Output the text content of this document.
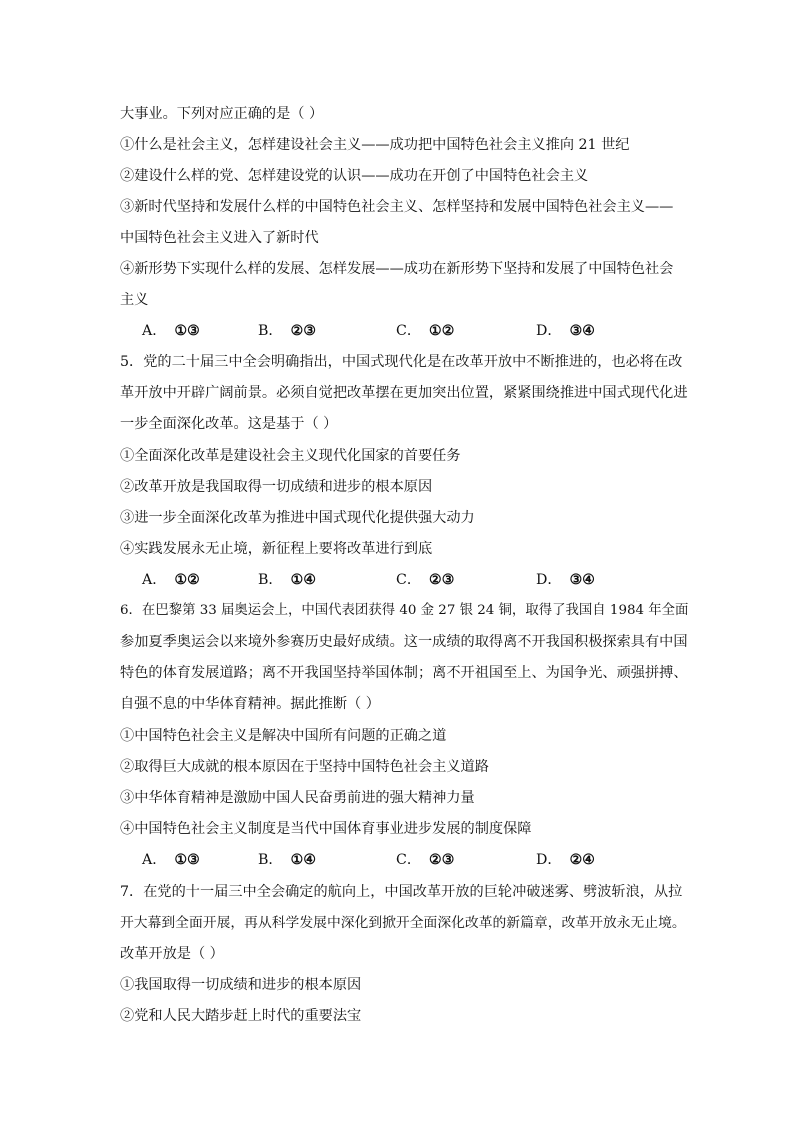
大事业。下列对应正确的是（ ）
①什么是社会主义，怎样建设社会主义——成功把中国特色社会主义推向 21 世纪
②建设什么样的党、怎样建设党的认识——成功在开创了中国特色社会主义
③新时代坚持和发展什么样的中国特色社会主义、怎样坚持和发展中国特色社会主义——
中国特色社会主义进入了新时代
④新形势下实现什么样的发展、怎样发展——成功在新形势下坚持和发展了中国特色社会
主义
A． ①③	B． ②③	C． ①②	D． ③④
5．党的二十届三中全会明确指出，中国式现代化是在改革开放中不断推进的，也必将在改
革开放中开辟广阔前景。必须自觉把改革摆在更加突出位置，紧紧围绕推进中国式现代化进
一步全面深化改革。这是基于（ ）
①全面深化改革是建设社会主义现代化国家的首要任务
②改革开放是我国取得一切成绩和进步的根本原因
③进一步全面深化改革为推进中国式现代化提供强大动力
④实践发展永无止境，新征程上要将改革进行到底
A． ①②	B． ①④	C． ②③	D． ③④
6．在巴黎第 33 届奥运会上，中国代表团获得 40 金 27 银 24 铜，取得了我国自 1984 年全面
参加夏季奥运会以来境外参赛历史最好成绩。这一成绩的取得离不开我国积极探索具有中国
特色的体育发展道路；离不开我国坚持举国体制；离不开祖国至上、为国争光、顽强拼搏、
自强不息的中华体育精神。据此推断（ ）
①中国特色社会主义是解决中国所有问题的正确之道
②取得巨大成就的根本原因在于坚持中国特色社会主义道路
③中华体育精神是激励中国人民奋勇前进的强大精神力量
④中国特色社会主义制度是当代中国体育事业进步发展的制度保障
A． ①③	B． ①④	C． ②③	D． ②④
7．在党的十一届三中全会确定的航向上，中国改革开放的巨轮冲破迷雾、劈波斩浪，从拉
开大幕到全面开展，再从科学发展中深化到掀开全面深化改革的新篇章，改革开放永无止境。
改革开放是（ ）
①我国取得一切成绩和进步的根本原因
②党和人民大踏步赶上时代的重要法宝
